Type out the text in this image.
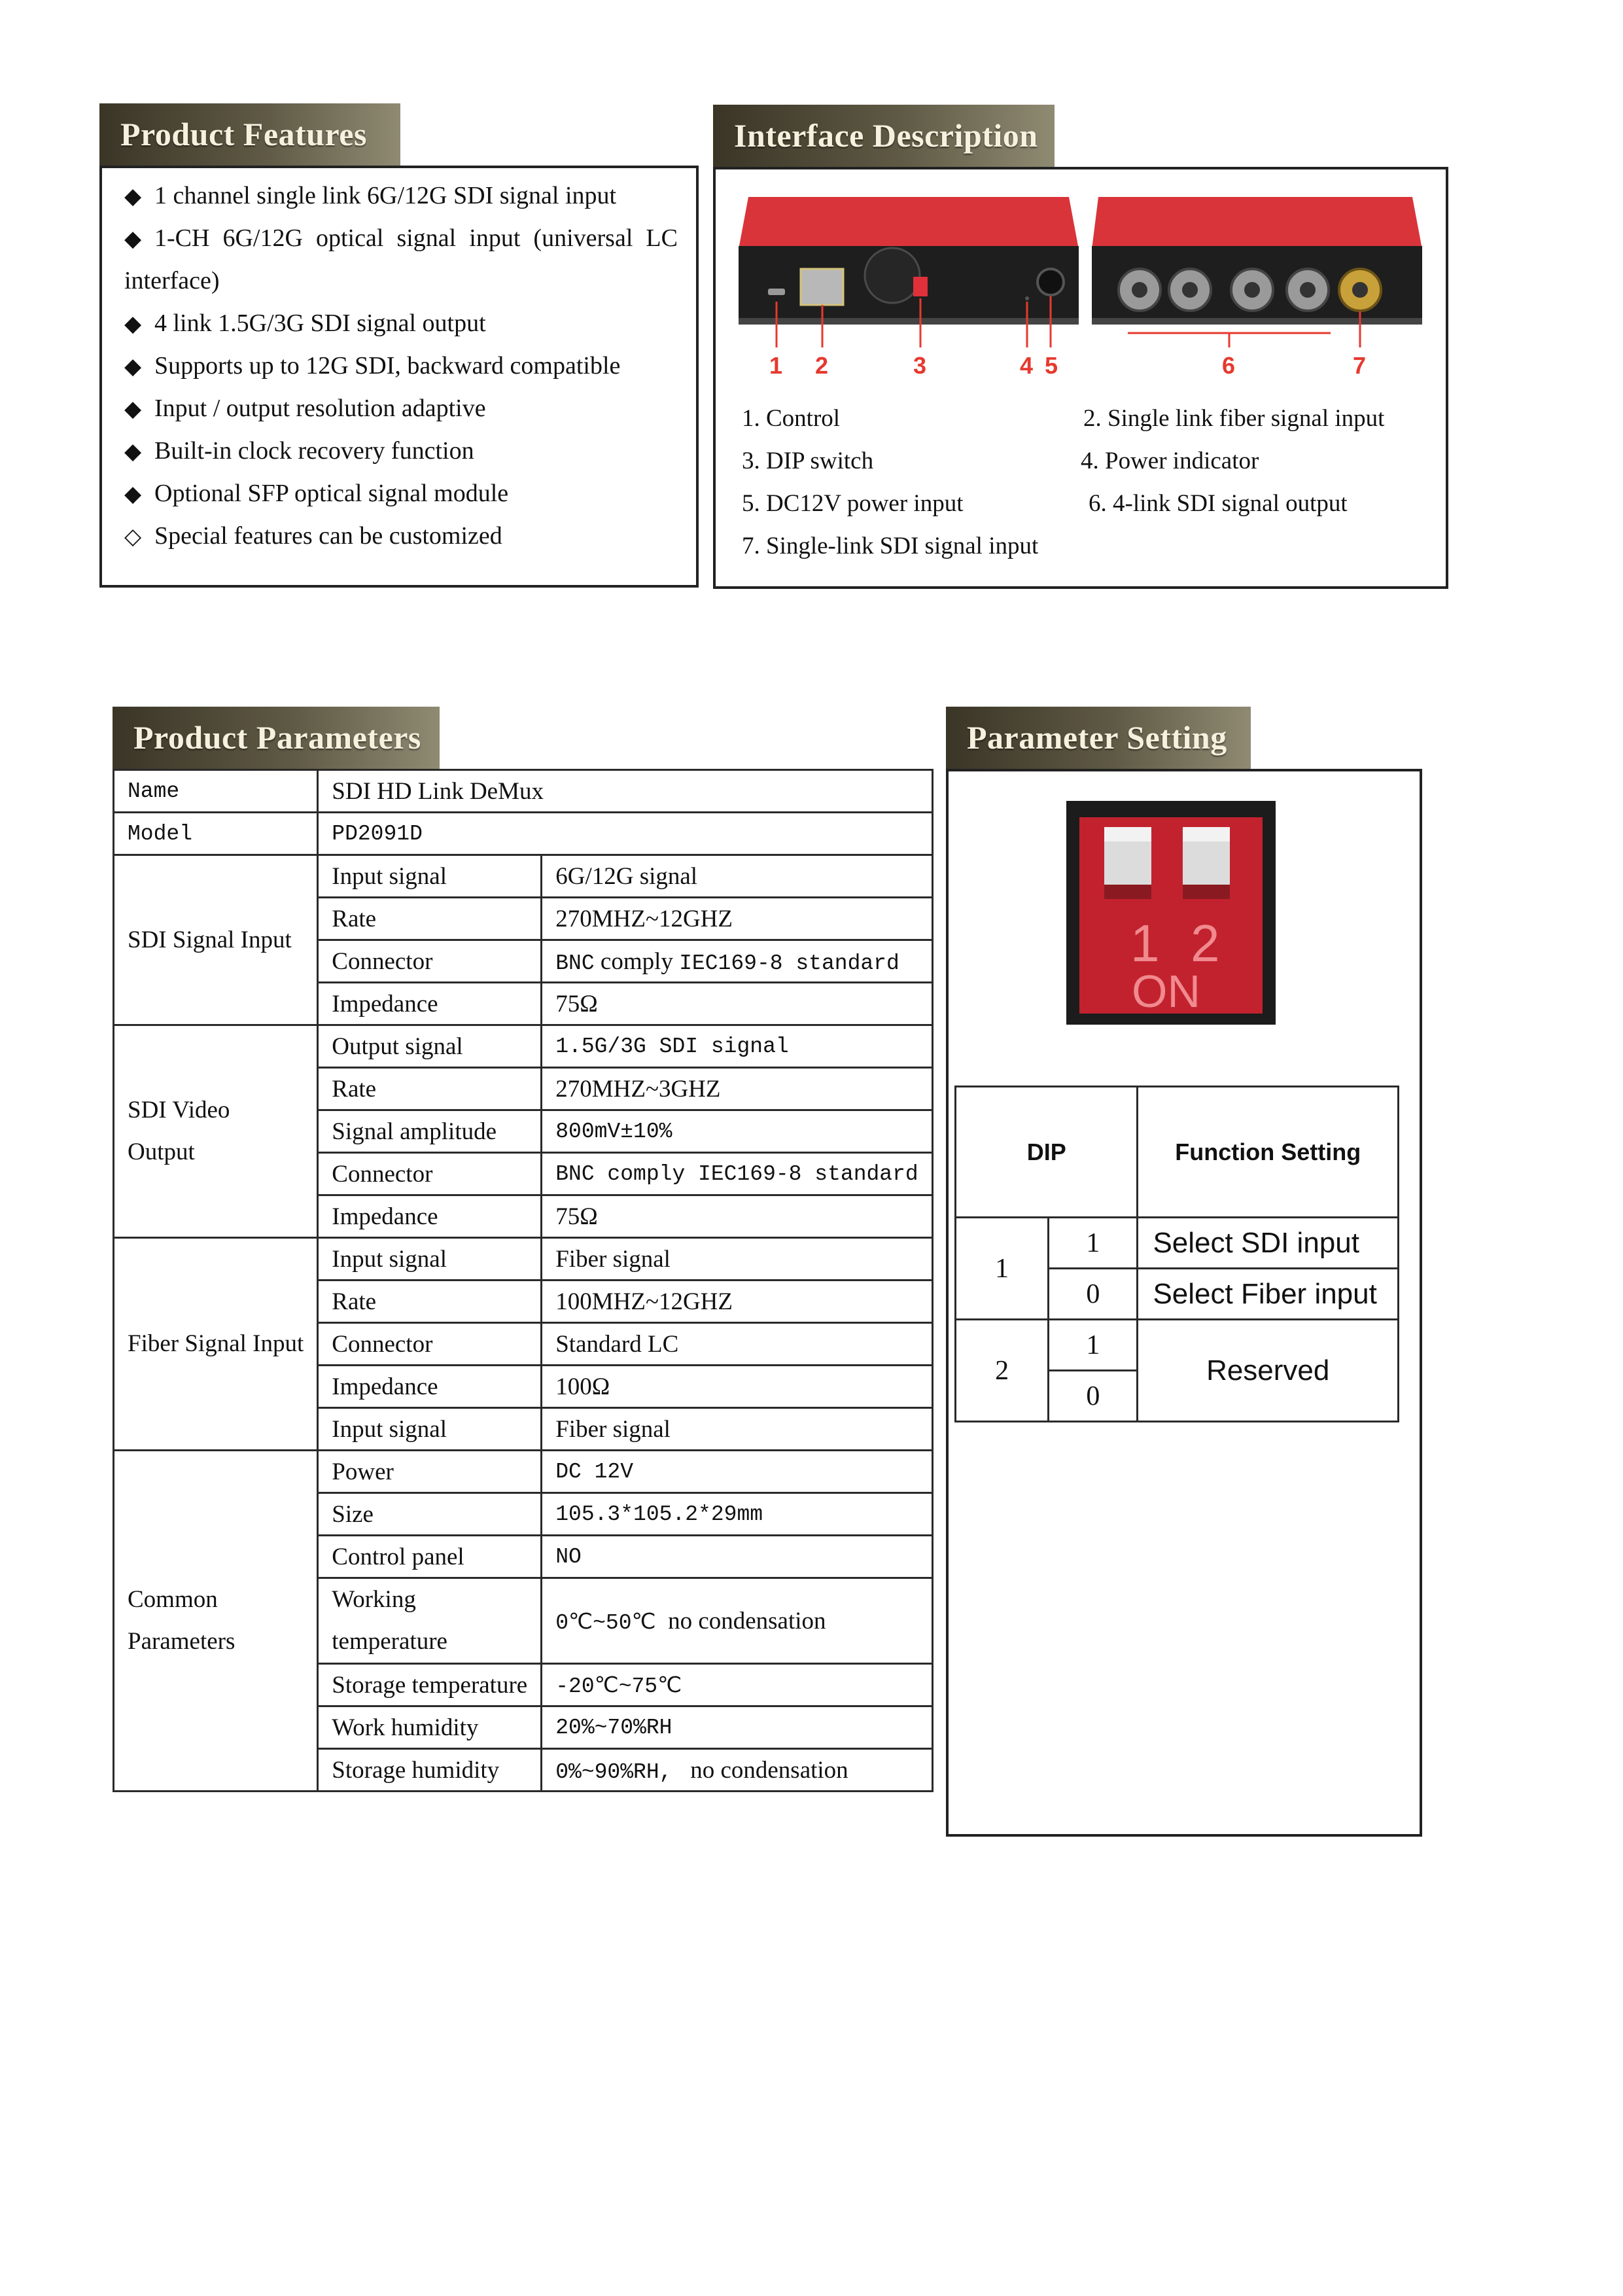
Product Features
◆ 1 channel single link 6G/12G SDI signal input
◆ 1-CH 6G/12G optical signal input (universal LC
interface)
◆ 4 link 1.5G/3G SDI signal output
◆ Supports up to 12G SDI, backward compatible
◆ Input / output resolution adaptive
◆ Built-in clock recovery function
◆ Optional SFP optical signal module
◇ Special features can be customized
Interface Description
1 2	3	4 5	6	7
1. Control	2. Single link fiber signal input
3. DIP switch	4. Power indicator
5. DC12V power input	6. 4-link SDI signal output
7. Single-link SDI signal input
Product Parameters
Name	SDI HD Link DeMux	
Model	PD2091D	
SDI Signal Input	Input signal	6G/12G signal
	Rate	270MHZ~12GHZ
	Connector	BNC comply IEC169-8 standard
	Impedance	75Ω
SDI Video
Output	Output signal	1.5G/3G SDI signal
	Rate	270MHZ~3GHZ
	Signal amplitude	800mV±10%
	Connector	BNC comply IEC169-8 standard
	Impedance	75Ω
Fiber Signal Input	Input signal	Fiber signal
	Rate	100MHZ~12GHZ
	Connector	Standard LC
	Impedance	100Ω
	Input signal	Fiber signal
Common
Parameters	Power	DC 12V
	Size	105.3*105.2*29mm
	Control panel	NO
	Working
temperature	0℃~50℃ no condensation
	Storage temperature	-20℃~75℃
	Work humidity	20%~70%RH
	Storage humidity	0%~90%RH, no condensation
Parameter Setting
1 2
ON
DIP		Function Setting
1	1	Select SDI input
	0	Select Fiber input
2	1	Reserved
	0	
